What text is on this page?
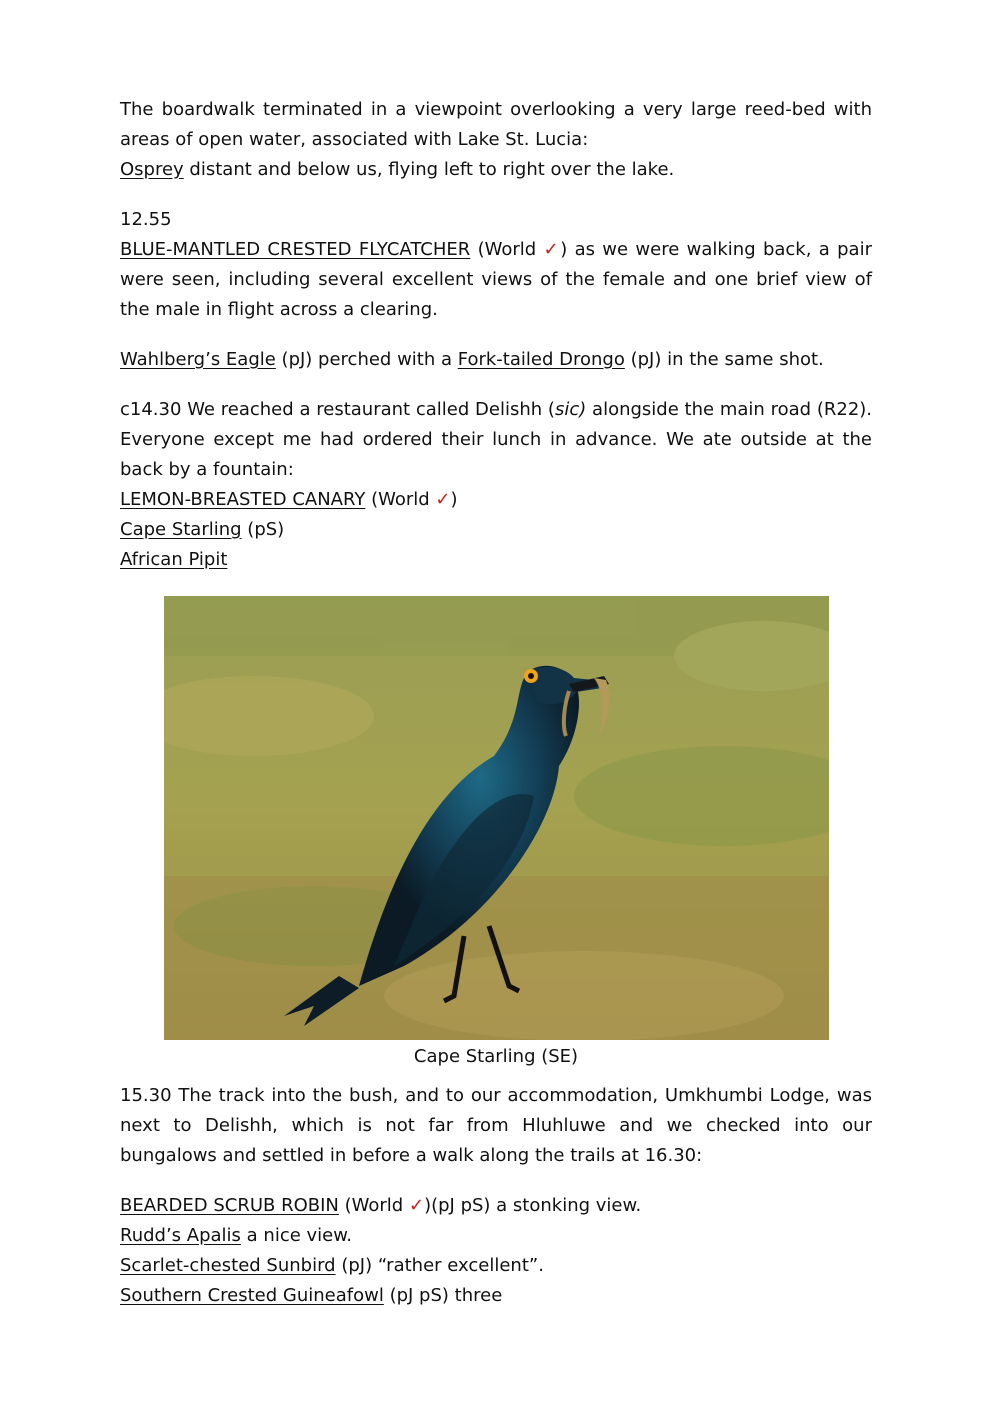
The boardwalk terminated in a viewpoint overlooking a very large reed-bed with areas of open water, associated with Lake St. Lucia:

Osprey distant and below us, flying left to right over the lake.

12.55

BLUE-MANTLED CRESTED FLYCATCHER (World ✓) as we were walking back, a pair were seen, including several excellent views of the female and one brief view of the male in flight across a clearing.

Wahlberg’s Eagle (pJ) perched with a Fork-tailed Drongo (pJ) in the same shot.

c14.30 We reached a restaurant called Delishh (sic) alongside the main road (R22). Everyone except me had ordered their lunch in advance. We ate outside at the back by a fountain:

LEMON-BREASTED CANARY (World ✓)

Cape Starling (pS)

African Pipit

Cape Starling (SE)

15.30 The track into the bush, and to our accommodation, Umkhumbi Lodge, was next to Delishh, which is not far from Hluhluwe and we checked into our bungalows and settled in before a walk along the trails at 16.30:

BEARDED SCRUB ROBIN (World ✓)(pJ pS) a stonking view.

Rudd’s Apalis a nice view.

Scarlet-chested Sunbird (pJ) “rather excellent”.

Southern Crested Guineafowl (pJ pS) three
